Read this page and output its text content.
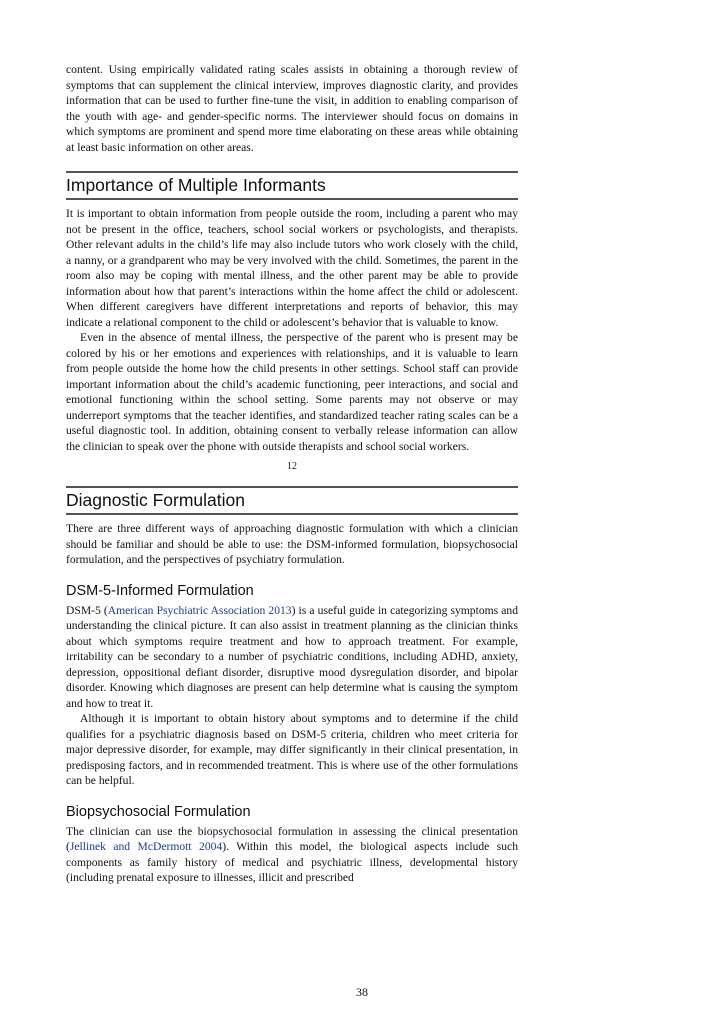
content. Using empirically validated rating scales assists in obtaining a thorough review of symptoms that can supplement the clinical interview, improves diagnostic clarity, and provides information that can be used to further fine-tune the visit, in addition to enabling comparison of the youth with age- and gender-specific norms. The interviewer should focus on domains in which symptoms are prominent and spend more time elaborating on these areas while obtaining at least basic information on other areas.

Importance of Multiple Informants

It is important to obtain information from people outside the room, including a parent who may not be present in the office, teachers, school social workers or psychologists, and therapists. Other relevant adults in the child’s life may also include tutors who work closely with the child, a nanny, or a grandparent who may be very involved with the child. Sometimes, the parent in the room also may be coping with mental illness, and the other parent may be able to provide information about how that parent’s interactions within the home affect the child or adolescent. When different caregivers have different interpretations and reports of behavior, this may indicate a relational component to the child or adolescent’s behavior that is valuable to know.

Even in the absence of mental illness, the perspective of the parent who is present may be colored by his or her emotions and experiences with relationships, and it is valuable to learn from people outside the home how the child presents in other settings. School staff can provide important information about the child’s academic functioning, peer interactions, and social and emotional functioning within the school setting. Some parents may not observe or may underreport symptoms that the teacher identifies, and standardized teacher rating scales can be a useful diagnostic tool. In addition, obtaining consent to verbally release information can allow the clinician to speak over the phone with outside therapists and school social workers.

12

Diagnostic Formulation

There are three different ways of approaching diagnostic formulation with which a clinician should be familiar and should be able to use: the DSM-informed formulation, biopsychosocial formulation, and the perspectives of psychiatry formulation.

DSM-5-Informed Formulation

DSM-5 (American Psychiatric Association 2013) is a useful guide in categorizing symptoms and understanding the clinical picture. It can also assist in treatment planning as the clinician thinks about which symptoms require treatment and how to approach treatment. For example, irritability can be secondary to a number of psychiatric conditions, including ADHD, anxiety, depression, oppositional defiant disorder, disruptive mood dysregulation disorder, and bipolar disorder. Knowing which diagnoses are present can help determine what is causing the symptom and how to treat it.

Although it is important to obtain history about symptoms and to determine if the child qualifies for a psychiatric diagnosis based on DSM-5 criteria, children who meet criteria for major depressive disorder, for example, may differ significantly in their clinical presentation, in predisposing factors, and in recommended treatment. This is where use of the other formulations can be helpful.

Biopsychosocial Formulation

The clinician can use the biopsychosocial formulation in assessing the clinical presentation (Jellinek and McDermott 2004). Within this model, the biological aspects include such components as family history of medical and psychiatric illness, developmental history (including prenatal exposure to illnesses, illicit and prescribed

38
